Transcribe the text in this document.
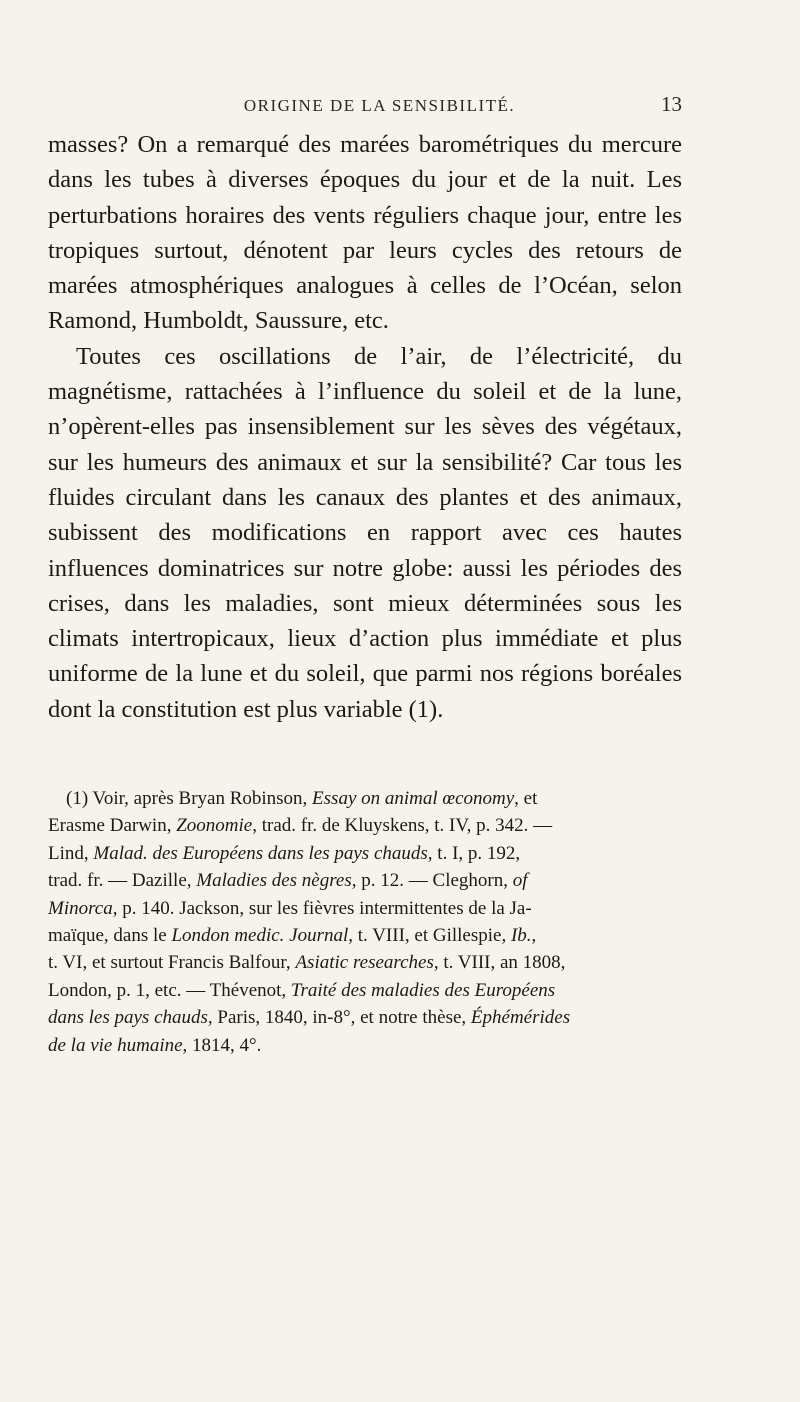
ORIGINE DE LA SENSIBILITÉ.	13

masses? On a remarqué des marées barométriques du mercure dans les tubes à diverses époques du jour et de la nuit. Les perturbations horaires des vents réguliers chaque jour, entre les tropiques surtout, dénotent par leurs cycles des retours de marées atmosphériques analogues à celles de l’Océan, selon Ramond, Humboldt, Saussure, etc.

Toutes ces oscillations de l’air, de l’électricité, du magnétisme, rattachées à l’influence du soleil et de la lune, n’opèrent-elles pas insensiblement sur les sèves des végétaux, sur les humeurs des animaux et sur la sensibilité? Car tous les fluides circulant dans les canaux des plantes et des animaux, subissent des modifications en rapport avec ces hautes influences dominatrices sur notre globe: aussi les périodes des crises, dans les maladies, sont mieux déterminées sous les climats intertropicaux, lieux d’action plus immédiate et plus uniforme de la lune et du soleil, que parmi nos régions boréales dont la constitution est plus variable (1).

(1) Voir, après Bryan Robinson, Essay on animal œconomy, et
Erasme Darwin, Zoonomie, trad. fr. de Kluyskens, t. IV, p. 342. —
Lind, Malad. des Européens dans les pays chauds, t. I, p. 192,
trad. fr. — Dazille, Maladies des nègres, p. 12. — Cleghorn, of
Minorca, p. 140. Jackson, sur les fièvres intermittentes de la Ja-
maïque, dans le London medic. Journal, t. VIII, et Gillespie, Ib.,
t. VI, et surtout Francis Balfour, Asiatic researches, t. VIII, an 1808,
London, p. 1, etc. — Thévenot, Traité des maladies des Européens
dans les pays chauds, Paris, 1840, in-8°, et notre thèse, Éphémérides
de la vie humaine, 1814, 4°.
